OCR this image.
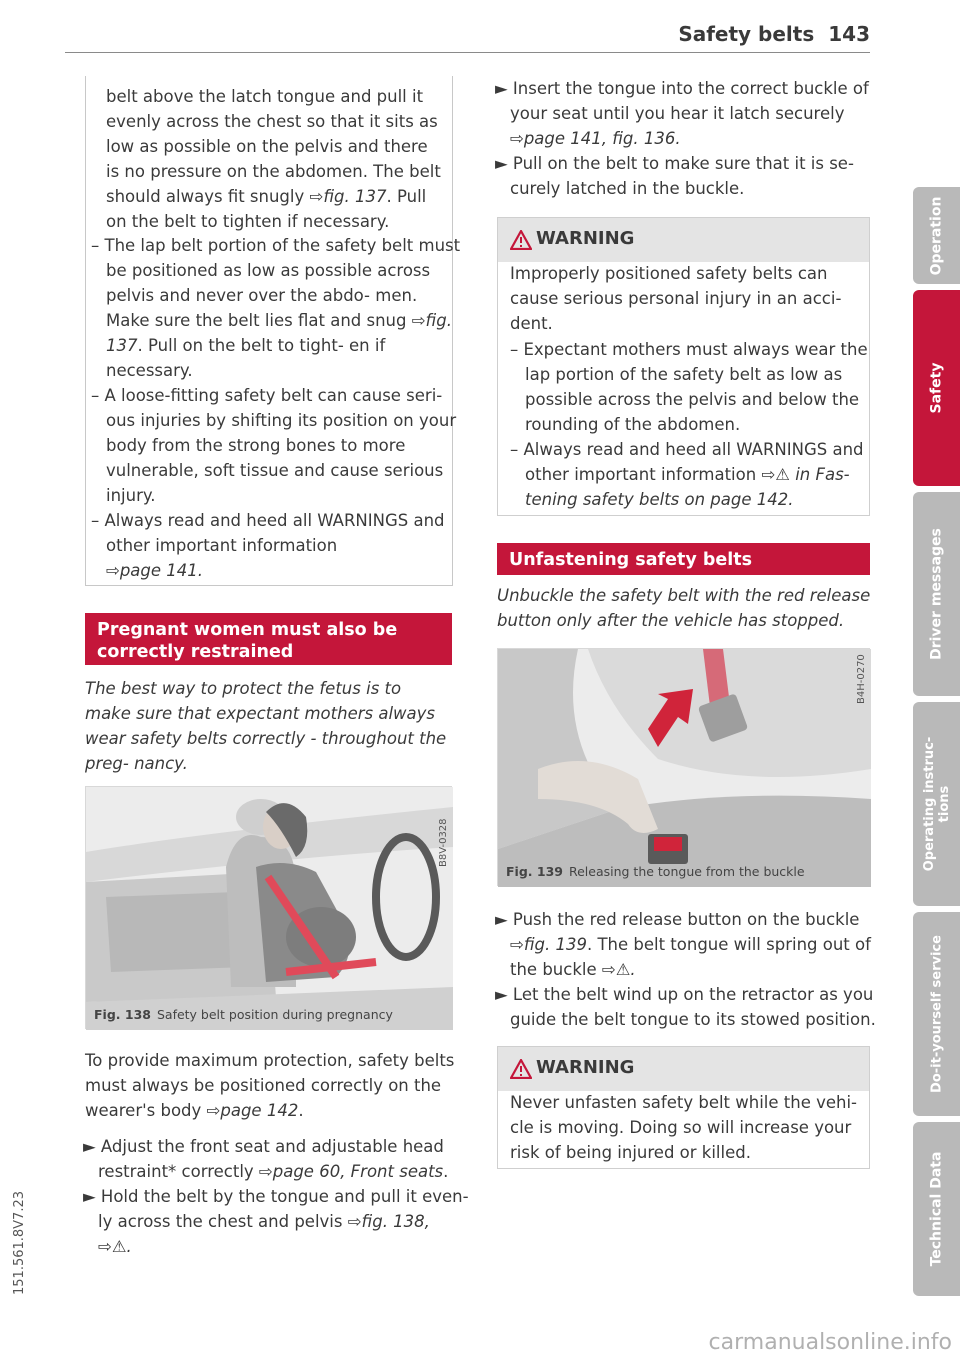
Safety belts 143

belt above the latch tongue and pull it evenly across the chest so that it sits as low as possible on the pelvis and there is no pressure on the abdomen. The belt should always fit snugly ⇨fig. 137. Pull on the belt to tighten if necessary.

– The lap belt portion of the safety belt must be positioned as low as possible across pelvis and never over the abdo- men. Make sure the belt lies flat and snug ⇨fig. 137. Pull on the belt to tight- en if necessary.

– A loose-fitting safety belt can cause seri- ous injuries by shifting its position on your body from the strong bones to more vulnerable, soft tissue and cause serious injury.

– Always read and heed all WARNINGS and other important information
⇨page 141.

Pregnant women must also be correctly restrained

The best way to protect the fetus is to make sure that expectant mothers always wear safety belts correctly - throughout the preg- nancy.

B8V-0328
Fig. 138 Safety belt position during pregnancy

To provide maximum protection, safety belts must always be positioned correctly on the wearer's body ⇨page 142.

► Adjust the front seat and adjustable head restraint* correctly ⇨page 60, Front seats.

► Hold the belt by the tongue and pull it even- ly across the chest and pelvis ⇨fig. 138,
⇨⚠.

► Insert the tongue into the correct buckle of your seat until you hear it latch securely ⇨page 141, fig. 136.

► Pull on the belt to make sure that it is se- curely latched in the buckle.

WARNING

Improperly positioned safety belts can cause serious personal injury in an acci- dent.

– Expectant mothers must always wear the lap portion of the safety belt as low as possible across the pelvis and below the rounding of the abdomen.

– Always read and heed all WARNINGS and other important information ⇨⚠ in Fas- tening safety belts on page 142.

Unfastening safety belts

Unbuckle the safety belt with the red release button only after the vehicle has stopped.

B4H-0270
Fig. 139 Releasing the tongue from the buckle

► Push the red release button on the buckle ⇨fig. 139. The belt tongue will spring out of the buckle ⇨⚠.

► Let the belt wind up on the retractor as you guide the belt tongue to its stowed position.

WARNING

Never unfasten safety belt while the vehi- cle is moving. Doing so will increase your risk of being injured or killed.

Operation
Safety
Driver messages
Operating instruc- tions
Do-it-yourself service
Technical Data
151.561.8V7.23
carmanualsonline.info
